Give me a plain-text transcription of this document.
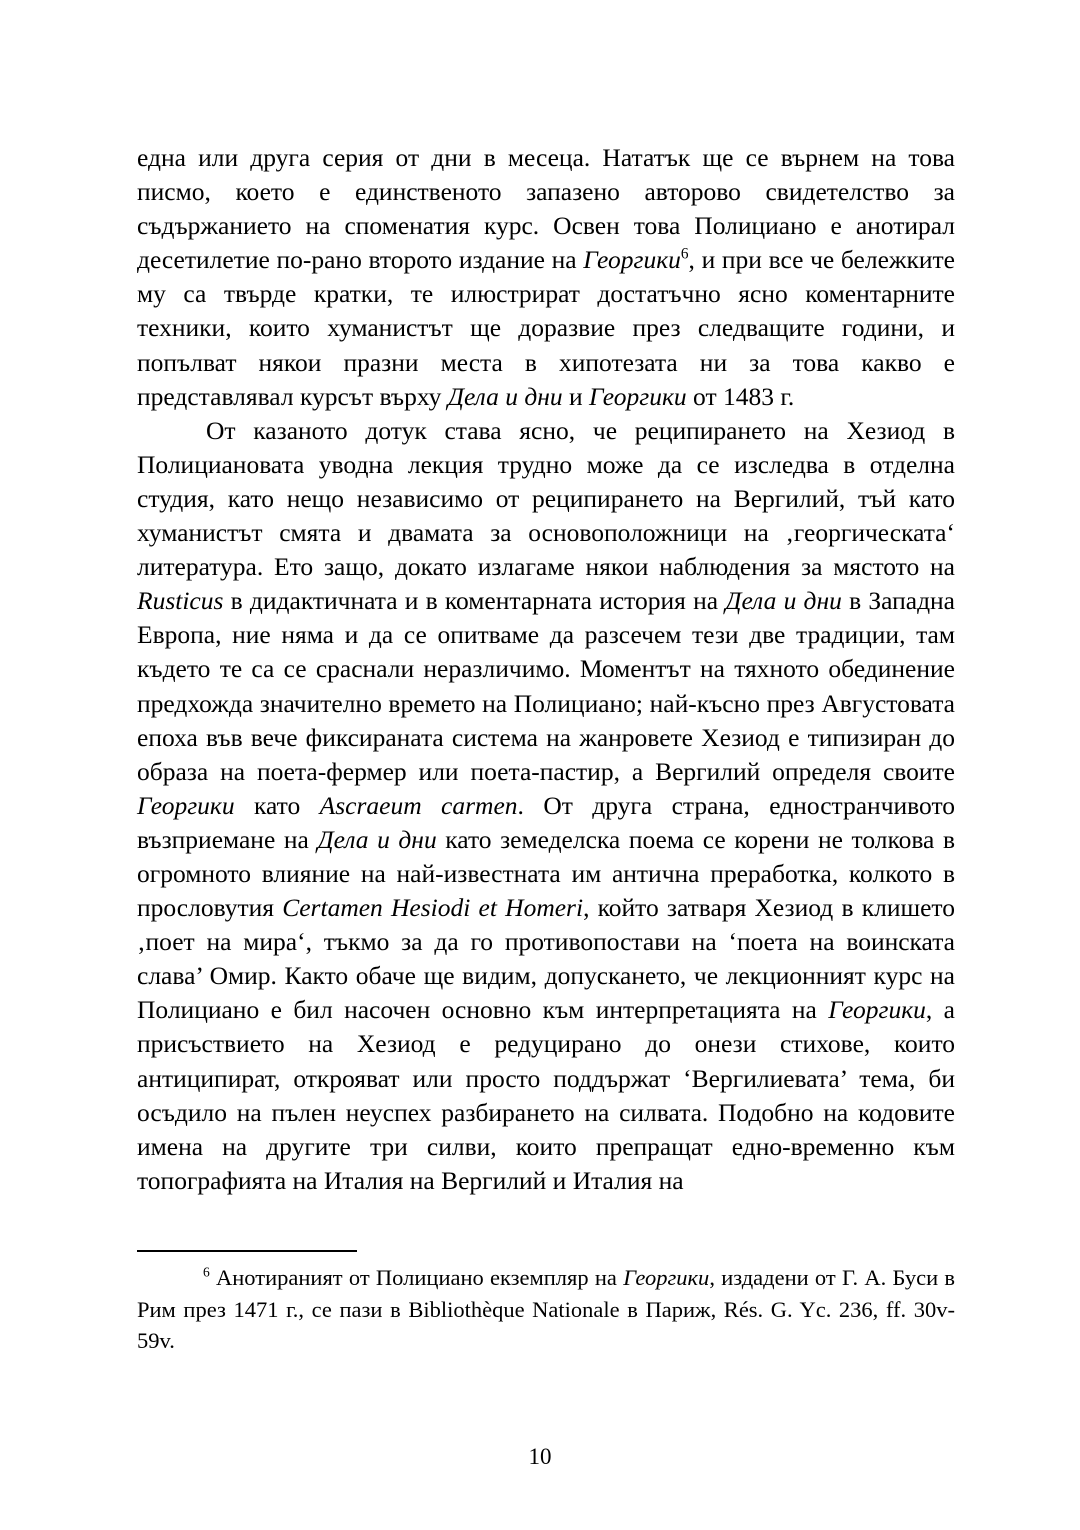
една или друга серия от дни в месеца. Нататък ще се върнем на това писмо, което е единственото запазено авторово свидетелство за съдържанието на споменатия курс. Освен това Полициано е анотирал десетилетие по-рано второто издание на Георгики$^6$, и при все че бележките му са твърде кратки, те илюстрират достатъчно ясно коментарните техники, които хуманистът ще доразвие през следващите години, и попълват някои празни места в хипотезата ни за това какво е представлявал курсът върху Дела и дни и Георгики от 1483 г.

От казаното дотук става ясно, че реципирането на Хезиод в Полициановата уводна лекция трудно може да се изследва в отделна студия, като нещо независимо от реципирането на Вергилий, тъй като хуманистът смята и двамата за основоположници на ‚георгическата‘ литература. Ето защо, докато излагаме някои наблюдения за мястото на Rusticus в дидактичната и в коментарната история на Дела и дни в Западна Европа, ние няма и да се опитваме да разсечем тези две традиции, там където те са се сраснали неразличимо. Моментът на тяхното обединение предхожда значително времето на Полициано; най-късно през Августовата епоха във вече фиксираната система на жанровете Хезиод е типизиран до образа на поета-фермер или поета-пастир, а Вергилий определя своите Георгики като Ascraeum carmen. От друга страна, едностранчивото възприемане на Дела и дни като земеделска поема се корени не толкова в огромното влияние на най-известната им антична преработка, колкото в прословутия Certamen Hesiodi et Homeri, който затваря Хезиод в клишето ‚поет на мира‘, тъкмо за да го противопостави на ‘поета на воинската слава’ Омир. Както обаче ще видим, допускането, че лекционният курс на Полициано е бил насочен основно към интерпретацията на Георгики, а присъствието на Хезиод е редуцирано до онези стихове, които антиципират, открояват или просто поддържат ‘Вергилиевата’ тема, би осъдило на пълен неуспех разбирането на силвата. Подобно на кодовите имена на другите три силви, които препращат едно-временно към топографията на Италия на Вергилий и Италия на

$^6$ Анотираният от Полициано екземпляр на Георгики, издадени от Г. А. Буси в Рим през 1471 г., се пази в Bibliothèque Nationale в Париж, Rés. G. Yc. 236, ff. 30v-59v.

10
